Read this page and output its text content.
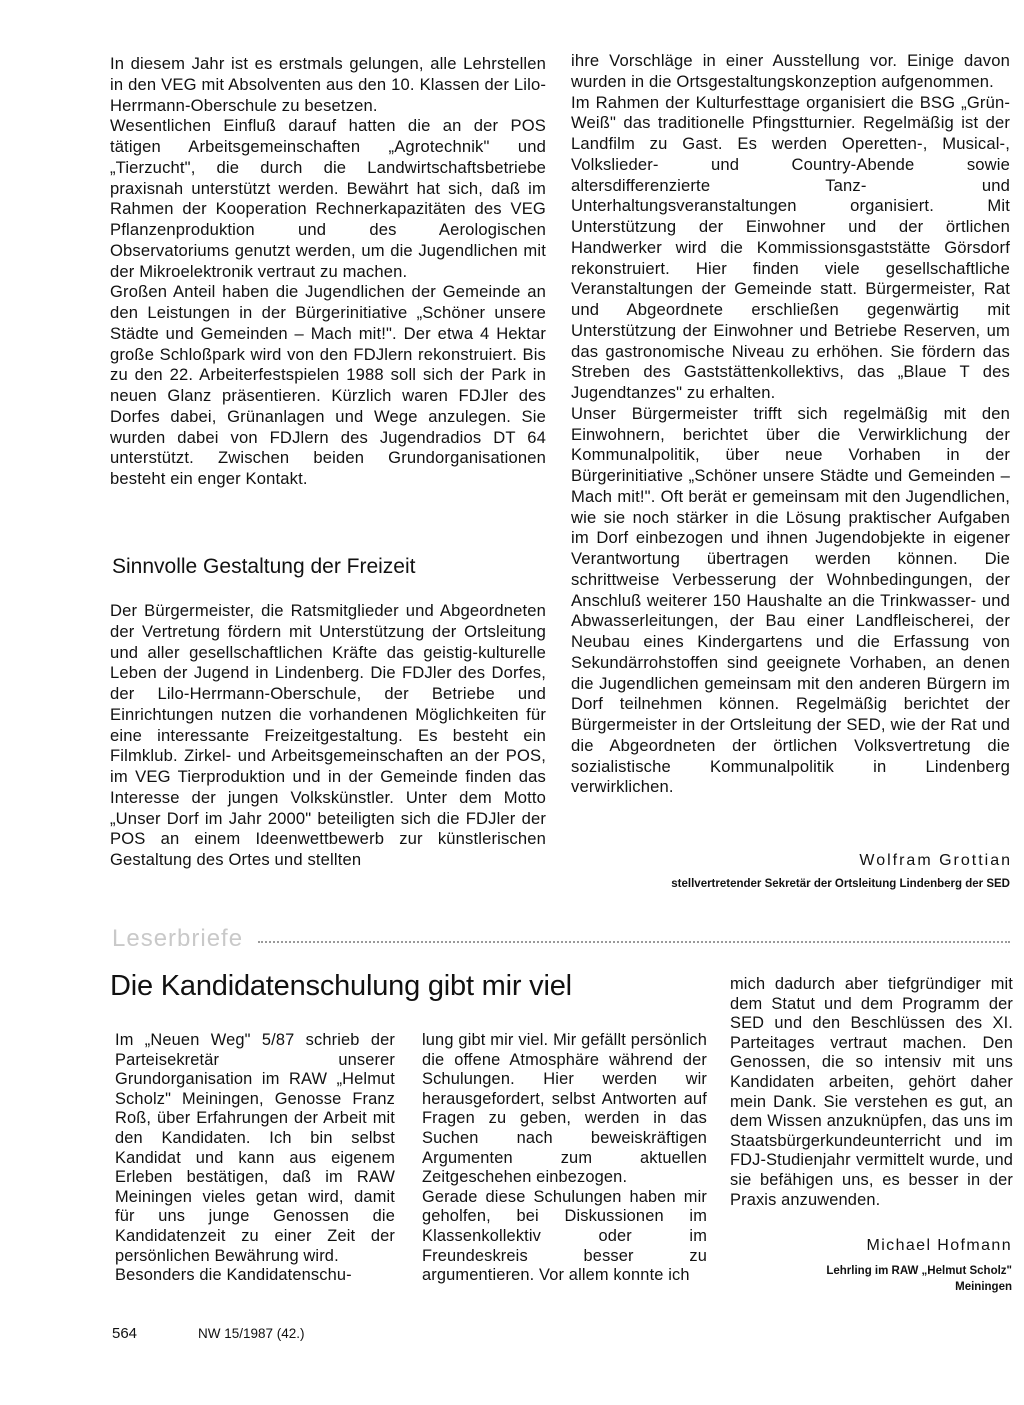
In diesem Jahr ist es erstmals gelungen, alle Lehrstellen in den VEG mit Absolventen aus den 10. Klassen der Lilo-Herrmann-Oberschule zu besetzen.

Wesentlichen Einfluß darauf hatten die an der POS tätigen Arbeitsgemeinschaften „Agrotechnik" und „Tierzucht", die durch die Landwirtschaftsbetriebe praxisnah unterstützt werden. Bewährt hat sich, daß im Rahmen der Kooperation Rechnerkapazitäten des VEG Pflanzenproduktion und des Aerologischen Observatoriums genutzt werden, um die Jugendlichen mit der Mikroelektronik vertraut zu machen.

Großen Anteil haben die Jugendlichen der Gemeinde an den Leistungen in der Bürgerinitiative „Schöner unsere Städte und Gemeinden – Mach mit!". Der etwa 4 Hektar große Schloßpark wird von den FDJlern rekonstruiert. Bis zu den 22. Arbeiterfestspielen 1988 soll sich der Park in neuen Glanz präsentieren. Kürzlich waren FDJler des Dorfes dabei, Grünanlagen und Wege anzulegen. Sie wurden dabei von FDJlern des Jugendradios DT 64 unterstützt. Zwischen beiden Grundorganisationen besteht ein enger Kontakt.

Sinnvolle Gestaltung der Freizeit

Der Bürgermeister, die Ratsmitglieder und Abgeordneten der Vertretung fördern mit Unterstützung der Ortsleitung und aller gesellschaftlichen Kräfte das geistig-kulturelle Leben der Jugend in Lindenberg. Die FDJler des Dorfes, der Lilo-Herrmann-Oberschule, der Betriebe und Einrichtungen nutzen die vorhandenen Möglichkeiten für eine interessante Freizeitgestaltung. Es besteht ein Filmklub. Zirkel- und Arbeitsgemeinschaften an der POS, im VEG Tierproduktion und in der Gemeinde finden das Interesse der jungen Volkskünstler. Unter dem Motto „Unser Dorf im Jahr 2000" beteiligten sich die FDJler der POS an einem Ideenwettbewerb zur künstlerischen Gestaltung des Ortes und stellten

ihre Vorschläge in einer Ausstellung vor. Einige davon wurden in die Ortsgestaltungskonzeption aufgenommen.

Im Rahmen der Kulturfesttage organisiert die BSG „Grün-Weiß" das traditionelle Pfingstturnier. Regelmäßig ist der Landfilm zu Gast. Es werden Operetten-, Musical-, Volkslieder- und Country-Abende sowie altersdifferenzierte Tanz- und Unterhaltungsveranstaltungen organisiert. Mit Unterstützung der Einwohner und der örtlichen Handwerker wird die Kommissionsgaststätte Görsdorf rekonstruiert. Hier finden viele gesellschaftliche Veranstaltungen der Gemeinde statt. Bürgermeister, Rat und Abgeordnete erschließen gegenwärtig mit Unterstützung der Einwohner und Betriebe Reserven, um das gastronomische Niveau zu erhöhen. Sie fördern das Streben des Gaststättenkollektivs, das „Blaue T des Jugendtanzes" zu erhalten.

Unser Bürgermeister trifft sich regelmäßig mit den Einwohnern, berichtet über die Verwirklichung der Kommunalpolitik, über neue Vorhaben in der Bürgerinitiative „Schöner unsere Städte und Gemeinden – Mach mit!". Oft berät er gemeinsam mit den Jugendlichen, wie sie noch stärker in die Lösung praktischer Aufgaben im Dorf einbezogen und ihnen Jugendobjekte in eigener Verantwortung übertragen werden können. Die schrittweise Verbesserung der Wohnbedingungen, der Anschluß weiterer 150 Haushalte an die Trinkwasser- und Abwasserleitungen, der Bau einer Landfleischerei, der Neubau eines Kindergartens und die Erfassung von Sekundärrohstoffen sind geeignete Vorhaben, an denen die Jugendlichen gemeinsam mit den anderen Bürgern im Dorf teilnehmen können. Regelmäßig berichtet der Bürgermeister in der Ortsleitung der SED, wie der Rat und die Abgeordneten der örtlichen Volksvertretung die sozialistische Kommunalpolitik in Lindenberg verwirklichen.

Wolfram Grottian

stellvertretender Sekretär der Ortsleitung Lindenberg der SED

Leserbriefe
Die Kandidatenschulung gibt mir viel

Im „Neuen Weg" 5/87 schrieb der Parteisekretär unserer Grundorganisation im RAW „Helmut Scholz" Meiningen, Genosse Franz Roß, über Erfahrungen der Arbeit mit den Kandidaten. Ich bin selbst Kandidat und kann aus eigenem Erleben bestätigen, daß im RAW Meiningen vieles getan wird, damit für uns junge Genossen die Kandidatenzeit zu einer Zeit der persönlichen Bewährung wird.

Besonders die Kandidatenschu-

lung gibt mir viel. Mir gefällt persönlich die offene Atmosphäre während der Schulungen. Hier werden wir herausgefordert, selbst Antworten auf Fragen zu geben, werden in das Suchen nach beweiskräftigen Argumenten zum aktuellen Zeitgeschehen einbezogen.

Gerade diese Schulungen haben mir geholfen, bei Diskussionen im Klassenkollektiv oder im Freundeskreis besser zu argumentieren. Vor allem konnte ich

mich dadurch aber tiefgründiger mit dem Statut und dem Programm der SED und den Beschlüssen des XI. Parteitages vertraut machen. Den Genossen, die so intensiv mit uns Kandidaten arbeiten, gehört daher mein Dank. Sie verstehen es gut, an dem Wissen anzuknüpfen, das uns im Staatsbürgerkundeunterricht und im FDJ-Studienjahr vermittelt wurde, und sie befähigen uns, es besser in der Praxis anzuwenden.

Michael Hofmann

Lehrling im RAW „Helmut Scholz"

Meiningen

564	NW 15/1987 (42.)
